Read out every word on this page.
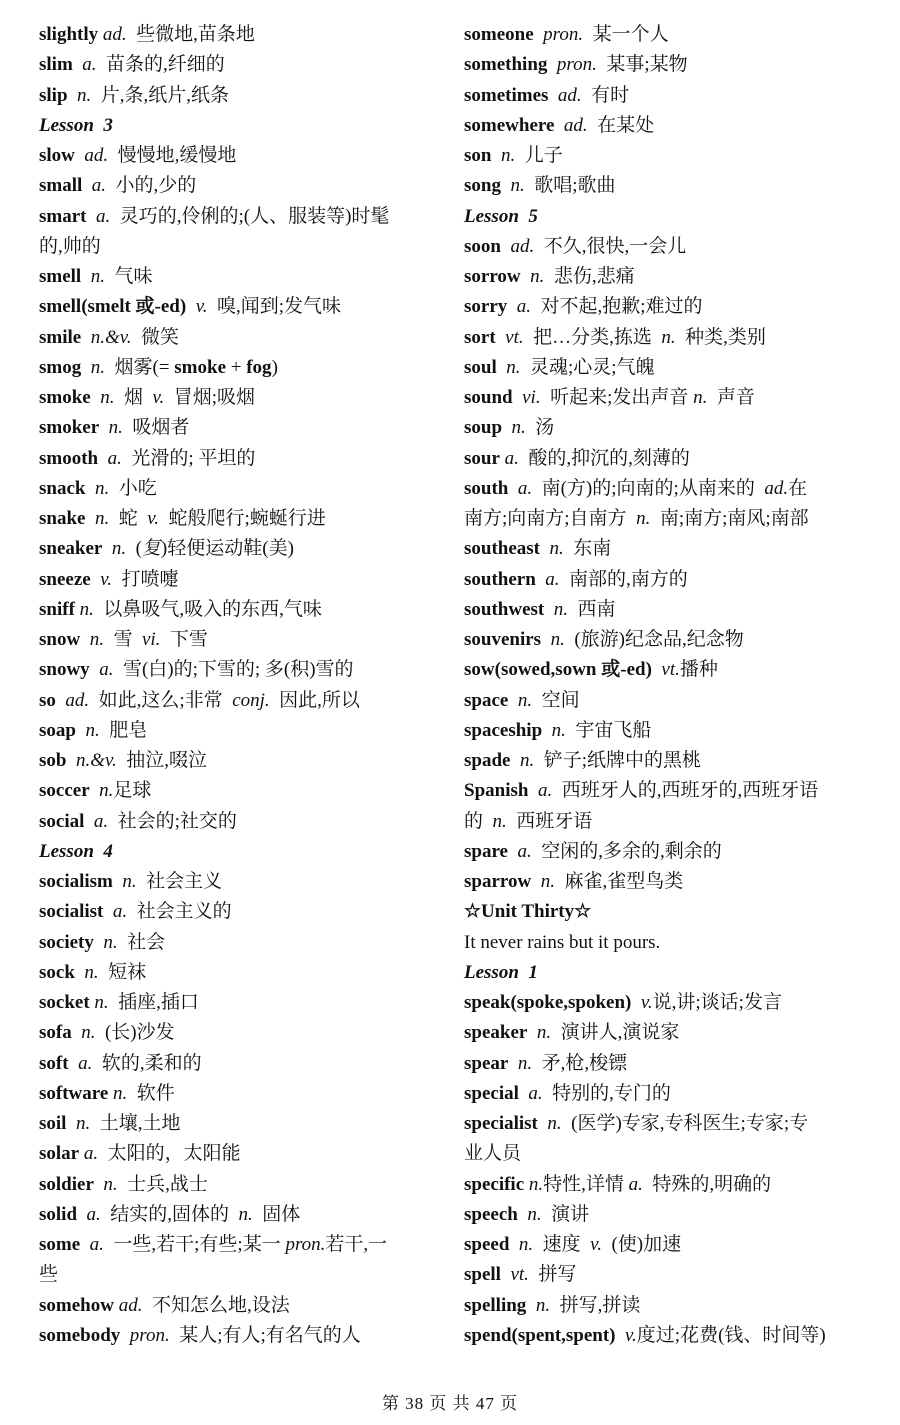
slightly ad.  些微地,苗条地
slim  a.  苗条的,纤细的
slip  n.  片,条,纸片,纸条
Lesson  3
slow  ad.  慢慢地,缓慢地
small  a.  小的,少的
smart  a.  灵巧的,伶俐的;(人、服装等)时髦
的,帅的
smell  n.  气味
smell(smelt 或-ed)  v.  嗅,闻到;发气味
smile  n.&v.  微笑
smog  n.  烟雾(= smoke + fog)
smoke  n.  烟  v.  冒烟;吸烟
smoker  n.  吸烟者
smooth  a.  光滑的; 平坦的
snack  n.  小吃
snake  n.  蛇  v.  蛇般爬行;蜿蜒行进
sneaker  n.  (复)轻便运动鞋(美)
sneeze  v.  打喷嚏
sniff n.  以鼻吸气,吸入的东西,气味
snow  n.  雪  vi.  下雪
snowy  a.  雪(白)的;下雪的; 多(积)雪的
so  ad.  如此,这么;非常  conj.  因此,所以
soap  n.  肥皂
sob  n.&v.  抽泣,啜泣
soccer  n.足球
social  a.  社会的;社交的
Lesson  4
socialism  n.  社会主义
socialist  a.  社会主义的
society  n.  社会
sock  n.  短袜
socket n.  插座,插口
sofa  n.  (长)沙发
soft  a.  软的,柔和的
software n.  软件
soil  n.  土壤,土地
solar a.  太阳的，太阳能
soldier  n.  士兵,战士
solid  a.  结实的,固体的  n.  固体
some  a.  一些,若干;有些;某一 pron.若干,一
些
somehow ad.  不知怎么地,设法
somebody  pron.  某人;有人;有名气的人
someone  pron.  某一个人
something  pron.  某事;某物
sometimes  ad.  有时
somewhere  ad.  在某处
son  n.  儿子
song  n.  歌唱;歌曲
Lesson  5
soon  ad.  不久,很快,一会儿
sorrow  n.  悲伤,悲痛
sorry  a.  对不起,抱歉;难过的
sort  vt.  把…分类,拣选  n.  种类,类别
soul  n.  灵魂;心灵;气魄
sound  vi.  听起来;发出声音 n.  声音
soup  n.  汤
sour a.  酸的,抑沉的,刻薄的
south  a.  南(方)的;向南的;从南来的  ad.在
南方;向南方;自南方  n.  南;南方;南风;南部
southeast  n.  东南
southern  a.  南部的,南方的
southwest  n.  西南
souvenirs  n.  (旅游)纪念品,纪念物
sow(sowed,sown 或-ed)  vt.播种
space  n.  空间
spaceship  n.  宇宙飞船
spade  n.  铲子;纸牌中的黑桃
Spanish  a.  西班牙人的,西班牙的,西班牙语
的  n.  西班牙语
spare  a.  空闲的,多余的,剩余的
sparrow  n.  麻雀,雀型鸟类
☆Unit Thirty☆
It never rains but it pours.
Lesson  1
speak(spoke,spoken)  v.说,讲;谈话;发言
speaker  n.  演讲人,演说家
spear  n.  矛,枪,梭镖
special  a.  特别的,专门的
specialist  n.  (医学)专家,专科医生;专家;专
业人员
specific n.特性,详情 a.  特殊的,明确的
speech  n.  演讲
speed  n.  速度  v.  (使)加速
spell  vt.  拼写
spelling  n.  拼写,拼读
spend(spent,spent)  v.度过;花费(钱、时间等)
第 38 页 共 47 页
